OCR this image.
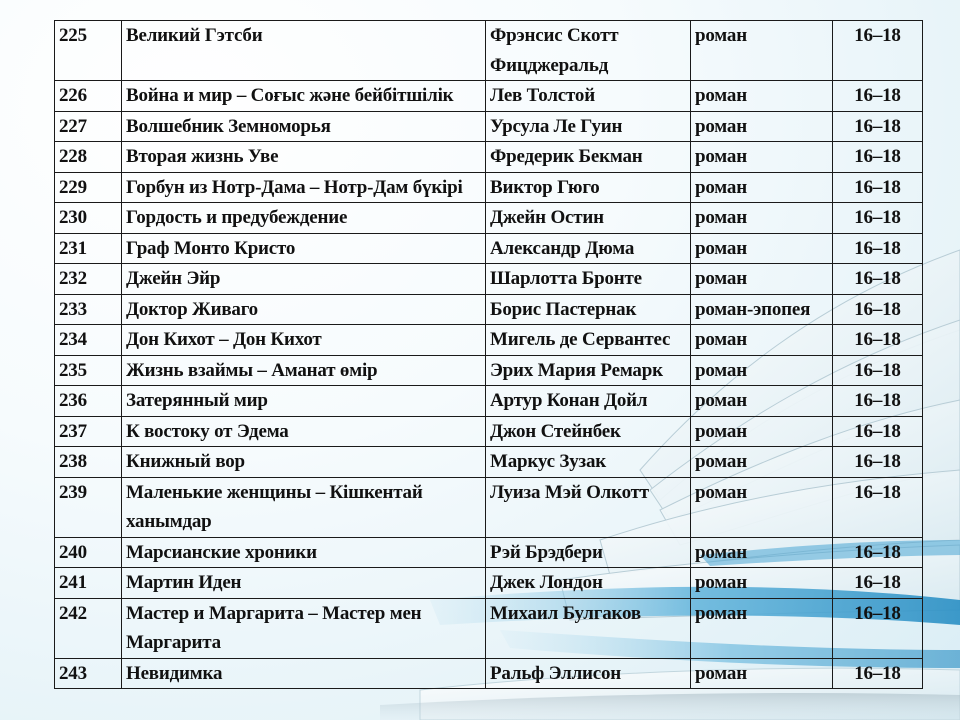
225	Великий Гэтсби	Фрэнсис Скотт Фицджеральд	роман	16–18
226	Война и мир – Соғыс және бейбітшілік	Лев Толстой	роман	16–18
227	Волшебник Земноморья	Урсула Ле Гуин	роман	16–18
228	Вторая жизнь Уве	Фредерик Бекман	роман	16–18
229	Горбун из Нотр-Дама – Нотр-Дам бүкірі	Виктор Гюго	роман	16–18
230	Гордость и предубеждение	Джейн Остин	роман	16–18
231	Граф Монто Кристо	Александр Дюма	роман	16–18
232	Джейн Эйр	Шарлотта Бронте	роман	16–18
233	Доктор Живаго	Борис Пастернак	роман-эпопея	16–18
234	Дон Кихот – Дон Кихот	Мигель де Сервантес	роман	16–18
235	Жизнь взаймы – Аманат өмір	Эрих Мария Ремарк	роман	16–18
236	Затерянный мир	Артур Конан Дойл	роман	16–18
237	К востоку от Эдема	Джон Стейнбек	роман	16–18
238	Книжный вор	Маркус Зузак	роман	16–18
239	Маленькие женщины – Кішкентай ханымдар	Луиза Мэй Олкотт	роман	16–18
240	Марсианские хроники	Рэй Брэдбери	роман	16–18
241	Мартин Иден	Джек Лондон	роман	16–18
242	Мастер и Маргарита – Мастер мен Маргарита	Михаил Булгаков	роман	16–18
243	Невидимка	Ральф Эллисон	роман	16–18
